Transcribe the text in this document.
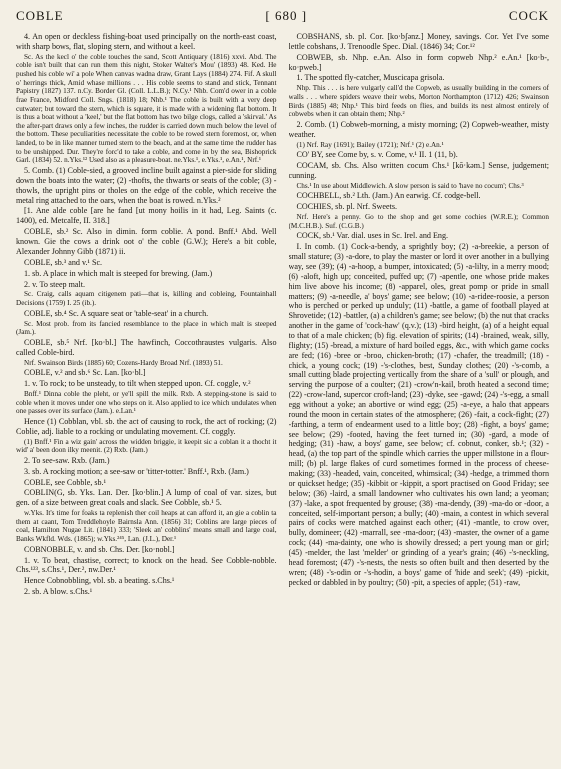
COBLE	[ 680 ]	COCK

4. An open or deckless fishing-boat used principally on the north-east coast, with sharp bows, flat, sloping stern, and without a keel.

Sc. As the kecl o' the coble touches the sand, Scott Antiquary (1816) xxvi. Abd. The coble isn't built that can run them this night, Stoker Walter's Mou' (1893) 48. Ked. He pushed his coble wi' a pole When canvas wadna draw, Grant Lays (1884) 274. Fif. A skull o' herrings thick, Amid whase millions . . . His coble seems to stand and stick, Tennant Papistry (1827) 137. n.Cy. Border Gl. (Coll. L.L.B.); N.Cy.¹ Nhb. Com'd ower in a coble frae France, Midford Coll. Sngs. (1818) 18; Nhb.¹ The coble is built with a very deep cutwater; but toward the stern, which is square, it is made with a widening flat bottom. It is thus a boat without a 'keel,' but the flat bottom has two bilge clogs, called a 'skirval.' As the after-part draws only a few inches, the rudder is carried down much below the level of the bottom. These peculiarities necessitate the coble to be rowed stern foremost, or, when landed, to be in like manner turned stern to the beach, and at the same time the rudder has to be unshipped. Dur. They're forc'd to take a coble, and come in by the sea, Bishoprick Garl. (1834) 52. n.Yks.¹² Used also as a pleasure-boat. ne.Yks.¹, e.Yks.¹, e.An.¹, Nrf.¹

5. Comb. (1) Coble-sied, a grooved incline built against a pier-side for sliding down the boats into the water; (2) -thofts, the thwarts or seats of the coble; (3) -thowls, the upright pins or tholes on the edge of the coble, which receive the metal ring attached to the oars, when the boat is rowed. n.Yks.²

[1. Ane alde coble [are he fand [ut mony hoilis in it had, Leg. Saints (c. 1400), ed. Metcalfe, II. 318.]

COBLE, sb.² Sc. Also in dimin. form coblie. A pond. Bnff.¹ Abd. Well known. Gie the cows a drink oot o' the coble (G.W.); Here's a bit coble, Alexander Johnny Gibb (1871) ii.

COBLE, sb.³ and v.¹ Sc.

1. sb. A place in which malt is steeped for brewing. (Jam.)

2. v. To steep malt.

Sc. Craig, calls aquam citigenem pati—that is, killing and cobleing, Fountainhall Decisions (1759) I. 25 (ib.).

COBLE, sb.⁴ Sc. A square seat or 'table-seat' in a church.

Sc. Most prob. from its fancied resemblance to the place in which malt is steeped (Jam.).

COBLE, sb.⁵ Nrf. [ko·bl.] The hawfinch, Coccothraustes vulgaris. Also called Coble-bird.

Nrf. Swainson Birds (1885) 60; Cozens-Hardy Broad Nrf. (1893) 51.

COBLE, v.² and sb.⁶ Sc. Lan. [ko·bl.]

1. v. To rock; to be unsteady, to tilt when stepped upon. Cf. coggle, v.²

Bnff.¹ Dinna coble the pleht, or ye'll spill the milk. Rxb. A stepping-stone is said to coble when it moves under one who steps on it. Also applied to ice which undulates when one passes over its surface (Jam.). e.Lan.¹

Hence (1) Cobblan, vbl. sb. the act of causing to rock, the act of rocking; (2) Coblie, adj. liable to a rocking or undulating movement. Cf. coggly.

(1) Bnff.¹ Fin a wiz gain' across the widden briggie, it keepit sic a coblan it a thocht it wid' a' been doon ilky meenit. (2) Rxb. (Jam.)

2. To see-saw. Rxb. (Jam.)

3. sb. A rocking motion; a see-saw or 'titter-totter.' Bnff.¹, Rxb. (Jam.)

COBLE, see Cobble, sb.¹

COBLIN(G, sb. Yks. Lan. Der. [ko·blin.] A lump of coal of var. sizes, but gen. of a size between great coals and slack. See Cobble, sb.¹ 5.

w.Yks. It's time for foaks ta replenish ther coil heaps at can afford it, an gie a coblin ta them at caant, Tom Treddlehoyle Bairnsla Ann. (1856) 31; Coblins are large pieces of coal, Hamilton Nugae Lit. (1841) 333; 'Sleek an' cobblins' means small and large coal, Banks Wkfld. Wds. (1865); w.Yks.²⁴⁵, Lan. (J.L.), Der.¹

COBNOBBLE, v. and sb. Chs. Der. [ko·nobl.]

1. v. To beat, chastise, correct; to knock on the head. See Cobble-nobble. Chs.¹²³, s.Chs.¹, Der.², nw.Der.¹

Hence Cobnobbling, vbl. sb. a beating. s.Chs.¹

2. sb. A blow. s.Chs.¹

COBSHANS, sb. pl. Cor. [ko·bʃənz.] Money, savings. Cor. Yet I've some lettle cobshans, J. Trenoodle Spec. Dial. (1846) 34; Cor.¹²

COBWEB, sb. Nhp. e.An. Also in form copweb Nhp.² e.An.¹ [ko·b-, ko·pweb.]

1. The spotted fly-catcher, Muscicapa grisola.

Nhp. This . . . is here vulgarly call'd the Copweb, as usually building in the corners of walls . . . where spiders weave their webs, Morton Northampton (1712) 426; Swainson Birds (1885) 48; Nhp.¹ This bird feeds on flies, and builds its nest almost entirely of cobwebs when it can obtain them; Nhp.²

2. Comb. (1) Cobweb-morning, a misty morning; (2) Copweb-weather, misty weather.

(1) Nrf. Ray (1691); Bailey (1721); Nrf.¹ (2) e.An.¹

CO' BY, see Come by, s. v. Come, v.¹ II. 1 (11, b).

COCAM, sb. Chs. Also written cocum Chs.¹ [kō·kəm.] Sense, judgement; cunning.

Chs.¹ In use about Middlewich. A slow person is said to 'have no cocum'; Chs.³

COCHBELL, sb.² Lth. (Jam.) An earwig. Cf. codge-bell.

COCHIES, sb. pl. Nrf. Sweets.

Nrf. Here's a penny. Go to the shop and get some cochies (W.R.E.); Common (M.C.H.B.). Suf. (C.G.B.)

COCK, sb.¹ Var. dial. uses in Sc. Irel. and Eng.

I. In comb. (1) Cock-a-bendy, a sprightly boy; (2) -a-breekie, a person of small stature; (3) -a-dore, to play the master or lord it over another in a bullying way, see (39); (4) -a-hoop, a bumper, intoxicated; (5) -a-lilty, in a merry mood; (6) -aloft, high up; conceited, puffed up; (7) -apentle, one whose pride makes him live above his income; (8) -apparel, oles, great pomp or pride in small matters; (9) -a-needle, a' boys' game; see below; (10) -a-ridee-roosie, a person who is perched or perked up unduly; (11) -battle, a game of football played at Shrovetide; (12) -battler, (a) a children's game; see below; (b) the nut that cracks another in the game of 'cock-haw' (q.v.); (13) -bird height, (a) of a height equal to that of a male chicken; (b) fig. elevation of spirits; (14) -brained, weak, silly, flighty; (15) -bread, a mixture of hard boiled eggs, &c., with which game cocks are fed; (16) -bree or -broo, chicken-broth; (17) -chafer, the treadmill; (18) -chick, a young cock; (19) -'s-clothes, best, Sunday clothes; (20) -'s-comb, a small cutting blade projecting vertically from the share of a 'sull' or plough, and serving the purpose of a coulter; (21) -crow'n-kail, broth heated a second time; (22) -crow-land, supercor croft-land; (23) -dyke, see -gawd; (24) -'s-egg, a small egg without a yoke; an abortive or wind egg; (25) -a-eye, a halo that appears round the moon in certain states of the atmosphere; (26) -fait, a cock-fight; (27) -farthing, a term of endearment used to a little boy; (28) -fight, a boys' game; see below; (29) -footed, having the feet turned in; (30) -gard, a mode of hedging; (31) -haw, a boys' game, see below; cf. cobnut, conker, sb.¹; (32) -head, (a) the top part of the spindle which carries the upper millstone in a flour-mill; (b) pl. large flakes of curd sometimes formed in the process of cheese-making; (33) -headed, vain, conceited, whimsical; (34) -hedge, a trimmed thorn or quickset hedge; (35) -kibbit or -kippit, a sport practised on Good Friday; see below; (36) -laird, a small landowner who cultivates his own land; a yeoman; (37) -lake, a spot frequented by grouse; (38) -ma-dendy, (39) -ma-do or -door, a conceited, self-important person; a bully; (40) -main, a contest in which several pairs of cocks were matched against each other; (41) -mantle, to crow over, bully, domineer; (42) -marrall, see -ma-door; (43) -master, the owner of a game cock; (44) -ma-dainty, one who is showily dressed; a pert young man or girl; (45) -melder, the last 'melder' or grinding of a year's grain; (46) -'s-neckling, head foremost; (47) -'s-nests, the nests so often built and then deserted by the wren; (48) -'s-odin or -'s-hodin, a boys' game of 'hide and seek'; (49) -pickit, pecked or dabbled in by poultry; (50) -pit, a species of apple; (51) -raw,
